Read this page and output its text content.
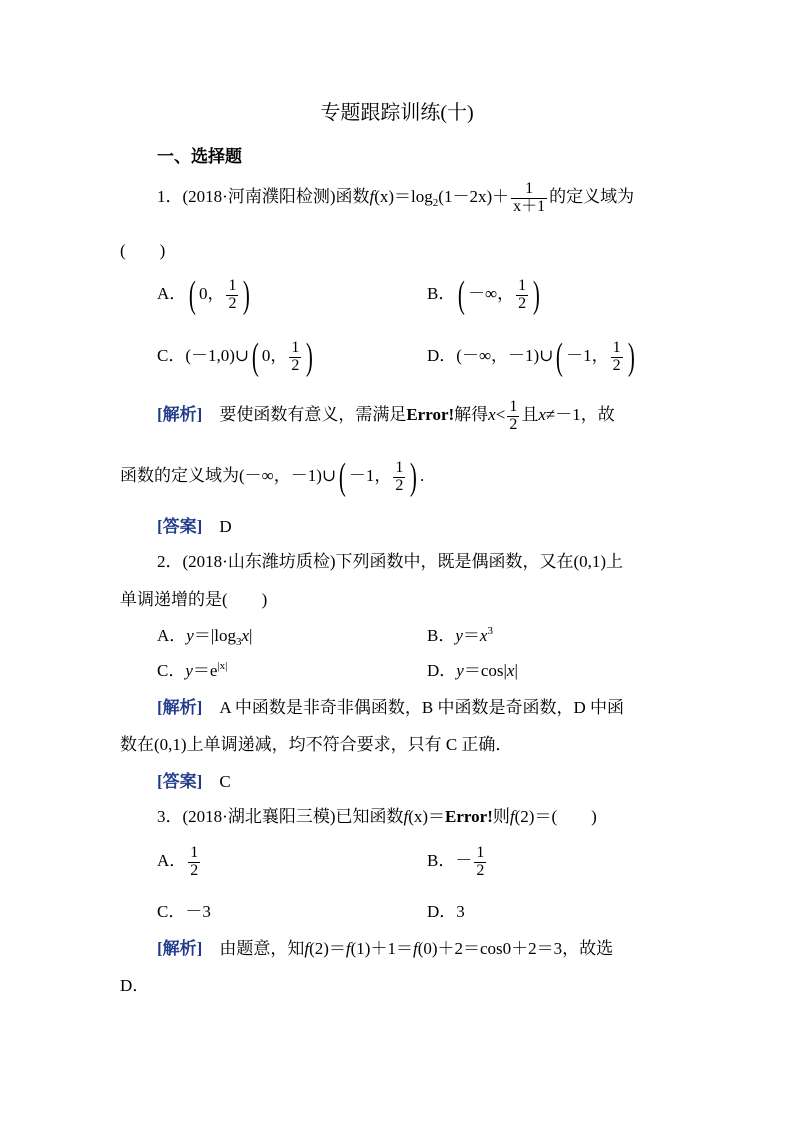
专题跟踪训练(十)
一、选择题
1．(2018·河南濮阳检测)函数$f(x)=\log_2(1-2x)+ \frac{1}{x+1}$ 的定义域为
(　　)
A．( 0， $\frac{1}{2}$ )	B．( －∞， $\frac{1}{2}$ )
C．(－1,0)∪( 0， $\frac{1}{2}$ )	D．(－∞，－1)∪( －1， $\frac{1}{2}$ )
[解析]　要使函数有意义，需满足Error!解得$x< \frac{1}{2}$ 且x≠－1，故
函数的定义域为(－∞，－1)∪( －1， $\frac{1}{2}$ ) .
[答案]　D
2．(2018·山东潍坊质检)下列函数中，既是偶函数，又在(0,1)上
单调递增的是(　　)
A．$y=|\log_3x|$	B．$y=x^3$
C．$y=e^{|x|}$	D．y＝cos|x|
[解析]　A 中函数是非奇非偶函数，B 中函数是奇函数，D 中函
数在(0,1)上单调递减，均不符合要求，只有 C 正确．
[答案]　C
3．(2018·湖北襄阳三模)已知函数f(x)＝Error!则f(2)＝(　　)
A． $\frac{1}{2}$	B．－ $\frac{1}{2}$
C．－3	D．3
[解析]　由题意，知f(2)＝f(1)＋1＝f(0)＋2＝cos0＋2＝3，故选
D．
